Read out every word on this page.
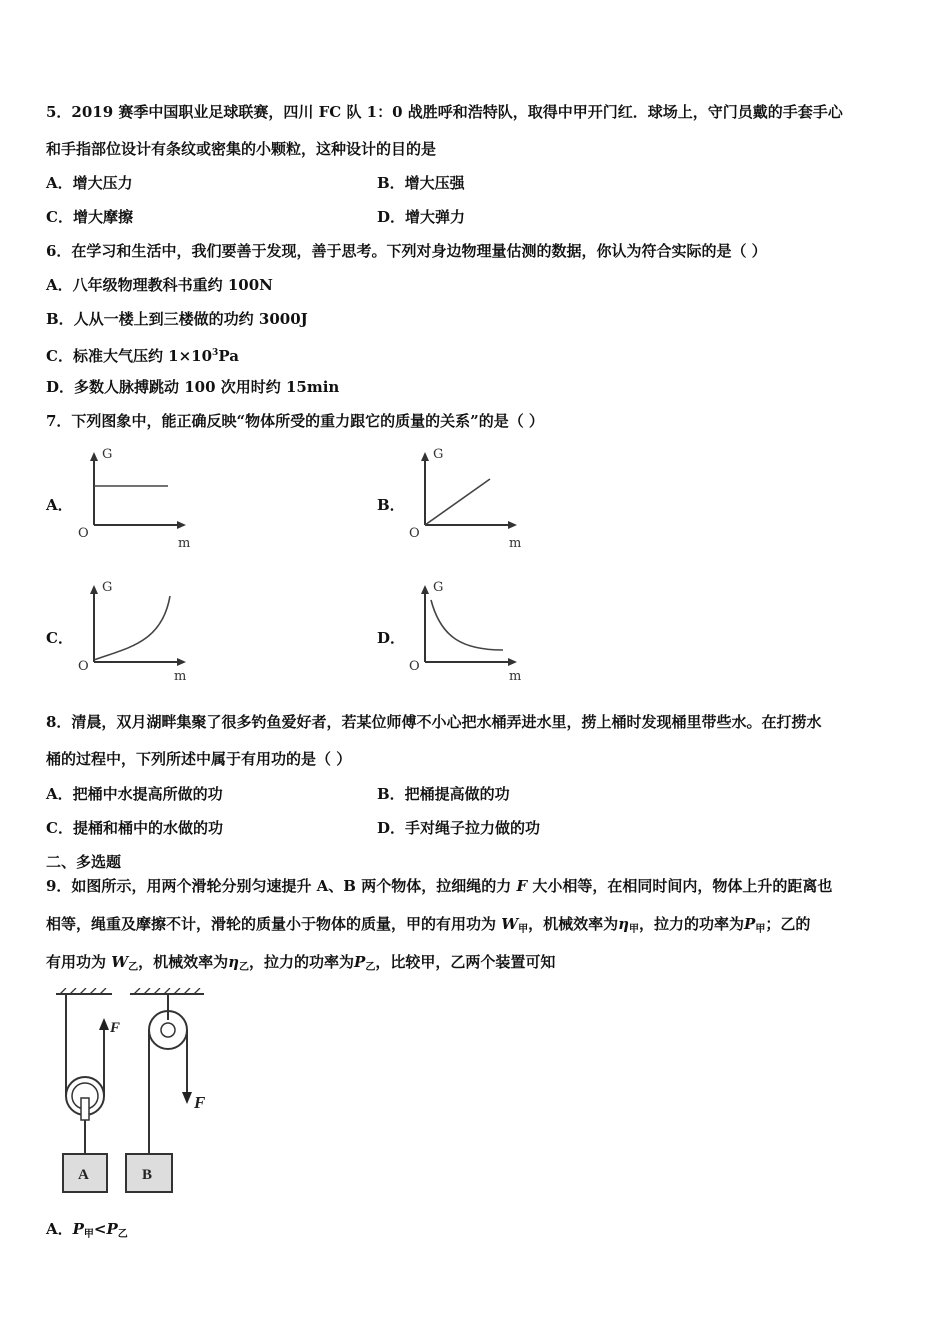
5．2019 赛季中国职业足球联赛，四川 FC 队 1：0 战胜呼和浩特队，取得中甲开门红．球场上，守门员戴的手套手心
和手指部位设计有条纹或密集的小颗粒，这种设计的目的是
A．增大压力	B．增大压强
C．增大摩擦	D．增大弹力
6．在学习和生活中，我们要善于发现，善于思考。下列对身边物理量估测的数据，你认为符合实际的是（ ）
A．八年级物理教科书重约 100N
B．人从一楼上到三楼做的功约 3000J
C．标准大气压约 $1\times 10^3Pa$
D．多数人脉搏跳动 100 次用时约 15min
7．下列图象中，能正确反映“物体所受的重力跟它的质量的关系”的是（ ）
A．
G
O
m
B．
G
O
m
C．
G
O
m
D．
G
O
m
8．清晨，双月湖畔集聚了很多钓鱼爱好者，若某位师傅不小心把水桶弄进水里，捞上桶时发现桶里带些水。在打捞水
桶的过程中，下列所述中属于有用功的是（ ）
A．把桶中水提高所做的功	B．把桶提高做的功
C．提桶和桶中的水做的功	D．手对绳子拉力做的功
二、多选题
9．如图所示，用两个滑轮分别匀速提升 A、B 两个物体，拉细绳的力 F 大小相等，在相同时间内，物体上升的距离也
相等，绳重及摩擦不计，滑轮的质量小于物体的质量，甲的有用功为 $W_甲$，机械效率为$\eta_甲$，拉力的功率为$P_甲$；乙的
有用功为 $W_乙$，机械效率为$\eta_乙$，拉力的功率为$P_乙$，比较甲，乙两个装置可知
F
A
F
B
A．$P_甲<P_乙$
